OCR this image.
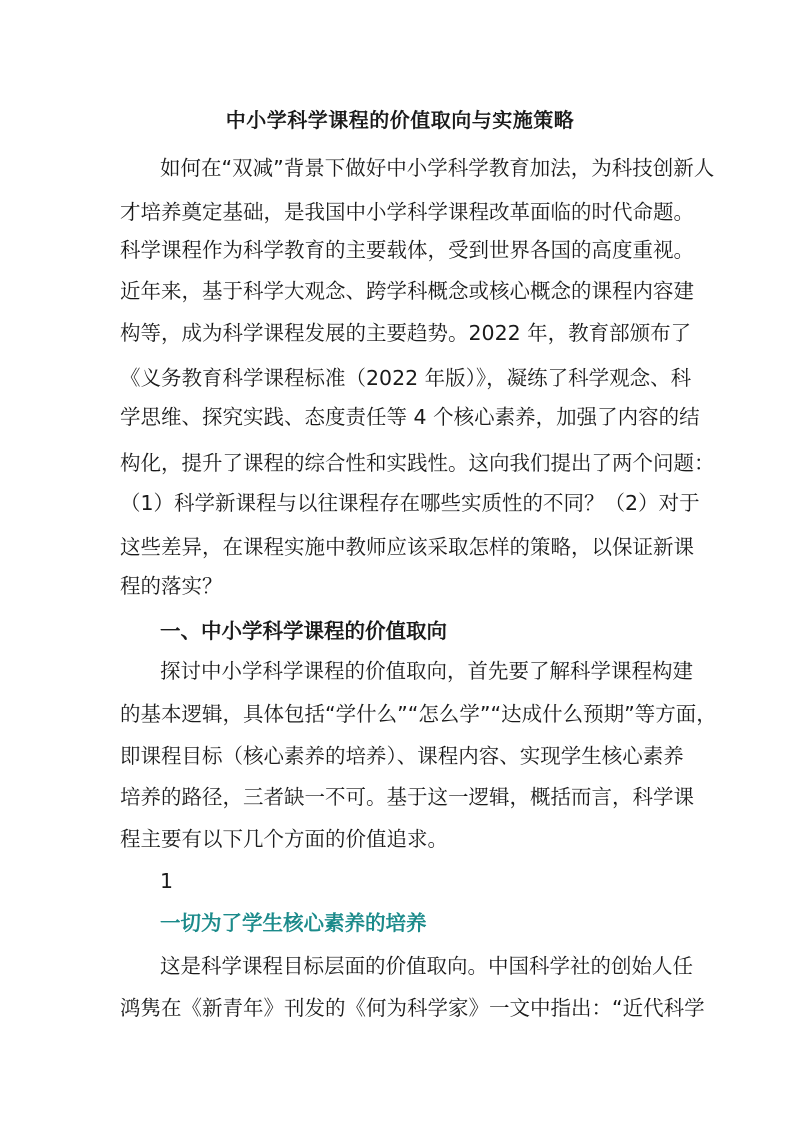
中小学科学课程的价值取向与实施策略
如何在“双减”背景下做好中小学科学教育加法，为科技创新人
才培养奠定基础，是我国中小学科学课程改革面临的时代命题。
科学课程作为科学教育的主要载体，受到世界各国的高度重视。
近年来，基于科学大观念、跨学科概念或核心概念的课程内容建
构等，成为科学课程发展的主要趋势。2022 年，教育部颁布了
《义务教育科学课程标准（2022 年版）》，凝练了科学观念、科
学思维、探究实践、态度责任等 4 个核心素养，加强了内容的结
构化，提升了课程的综合性和实践性。这向我们提出了两个问题：
（1）科学新课程与以往课程存在哪些实质性的不同？（2）对于
这些差异，在课程实施中教师应该采取怎样的策略，以保证新课
程的落实？
一、中小学科学课程的价值取向
探讨中小学科学课程的价值取向，首先要了解科学课程构建
的基本逻辑，具体包括“学什么”“怎么学”“达成什么预期”等方面，
即课程目标（核心素养的培养）、课程内容、实现学生核心素养
培养的路径，三者缺一不可。基于这一逻辑，概括而言，科学课
程主要有以下几个方面的价值追求。
1
一切为了学生核心素养的培养
这是科学课程目标层面的价值取向。中国科学社的创始人任
鸿隽在《新青年》刊发的《何为科学家》一文中指出：“近代科学
